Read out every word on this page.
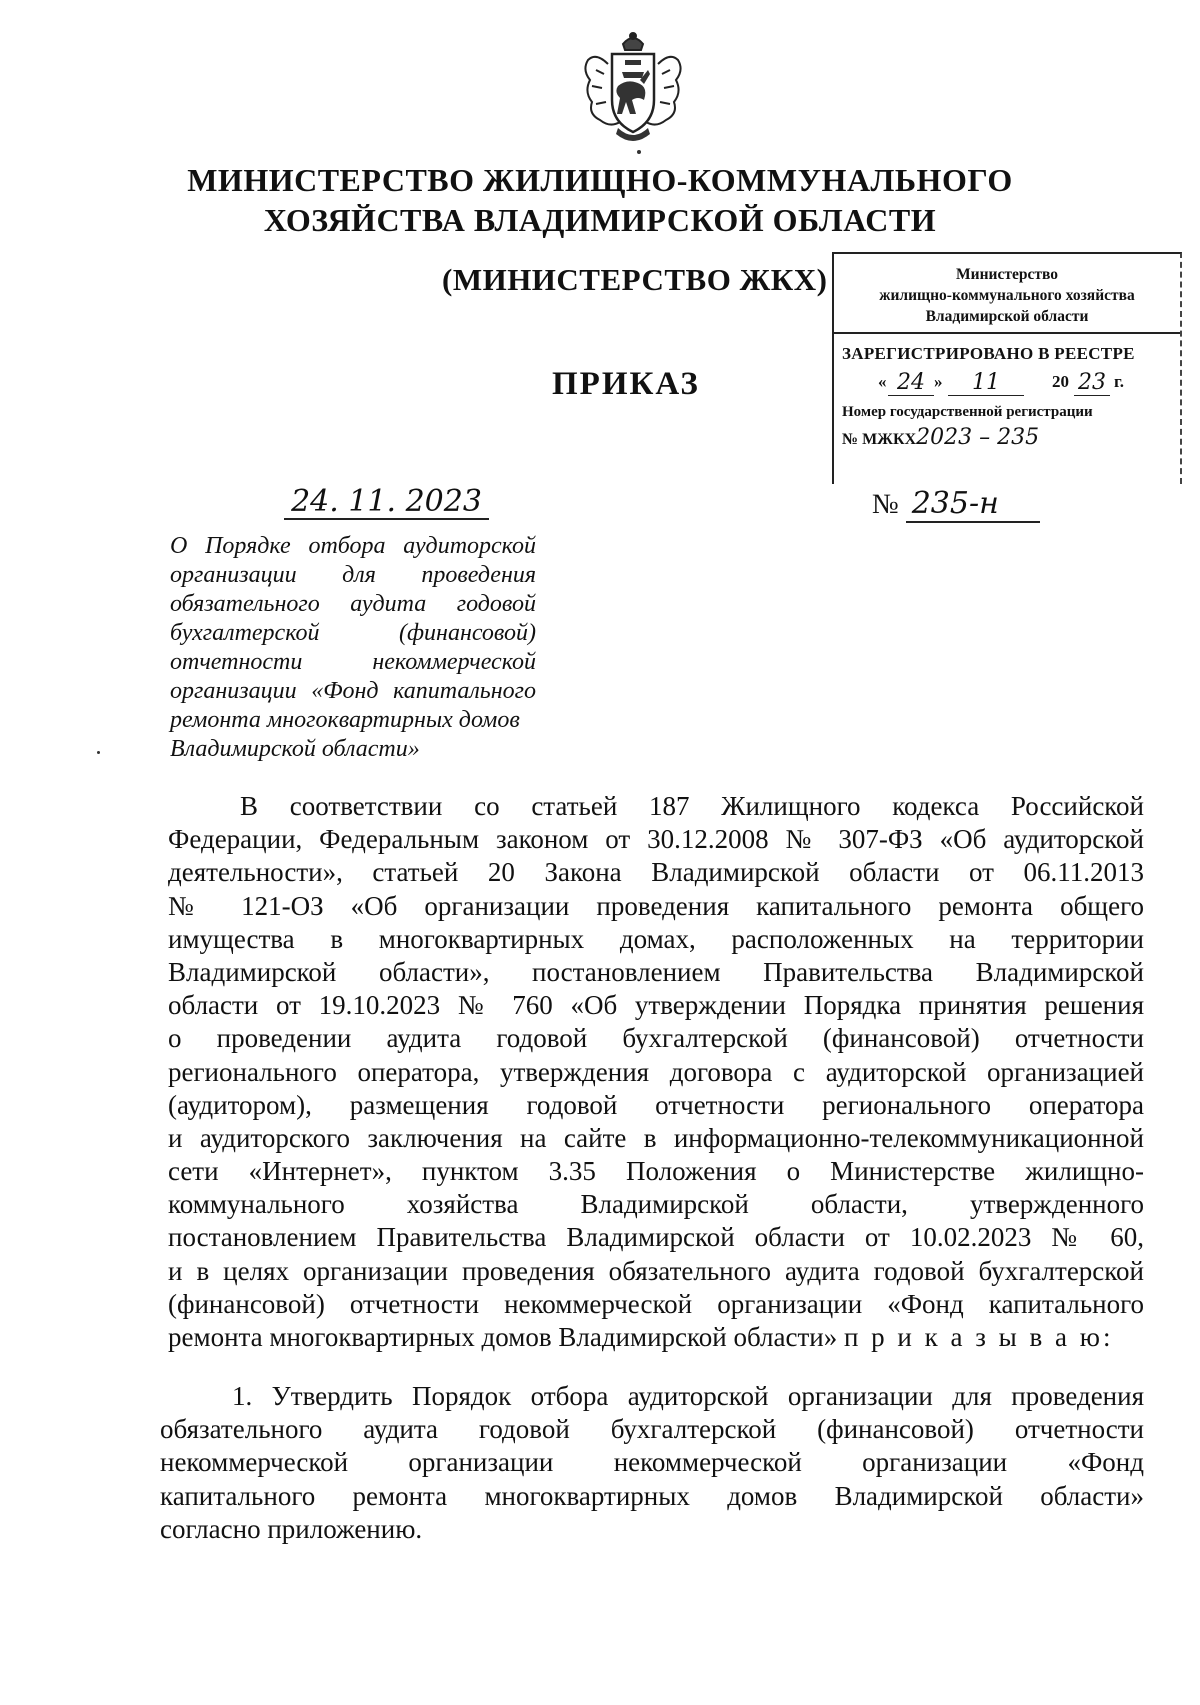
МИНИСТЕРСТВО ЖИЛИЩНО-КОММУНАЛЬНОГО
ХОЗЯЙСТВА ВЛАДИМИРСКОЙ ОБЛАСТИ
(МИНИСТЕРСТВО ЖКХ)
ПРИКАЗ
Министерство
жилищно-коммунального хозяйства
Владимирской области
ЗАРЕГИСТРИРОВАНО В РЕЕСТРЕ
« 24 »	11	20 23 г.
Номер государственной регистрации
№ МЖКХ2023 – 235
24. 11. 2023	№ 235-н
О Порядке отбора аудиторской
организации для проведения
обязательного аудита годовой
бухгалтерской (финансовой)
отчетности некоммерческой
организации «Фонд капитального
ремонта многоквартирных домов
Владимирской области»
В соответствии со статьей 187 Жилищного кодекса Российской
Федерации, Федеральным законом от 30.12.2008 № 307-ФЗ «Об аудиторской
деятельности», статьей 20 Закона Владимирской области от 06.11.2013
№ 121-ОЗ «Об организации проведения капитального ремонта общего
имущества в многоквартирных домах, расположенных на территории
Владимирской области», постановлением Правительства Владимирской
области от 19.10.2023 № 760 «Об утверждении Порядка принятия решения
о проведении аудита годовой бухгалтерской (финансовой) отчетности
регионального оператора, утверждения договора с аудиторской организацией
(аудитором), размещения годовой отчетности регионального оператора
и аудиторского заключения на сайте в информационно-телекоммуникационной
сети «Интернет», пунктом 3.35 Положения о Министерстве жилищно-
коммунального хозяйства Владимирской области, утвержденного
постановлением Правительства Владимирской области от 10.02.2023 № 60,
и в целях организации проведения обязательного аудита годовой бухгалтерской
(финансовой) отчетности некоммерческой организации «Фонд капитального
ремонта многоквартирных домов Владимирской области» п р и к а з ы в а ю:
1. Утвердить Порядок отбора аудиторской организации для проведения
обязательного аудита годовой бухгалтерской (финансовой) отчетности
некоммерческой организации некоммерческой организации «Фонд
капитального ремонта многоквартирных домов Владимирской области»
согласно приложению.
